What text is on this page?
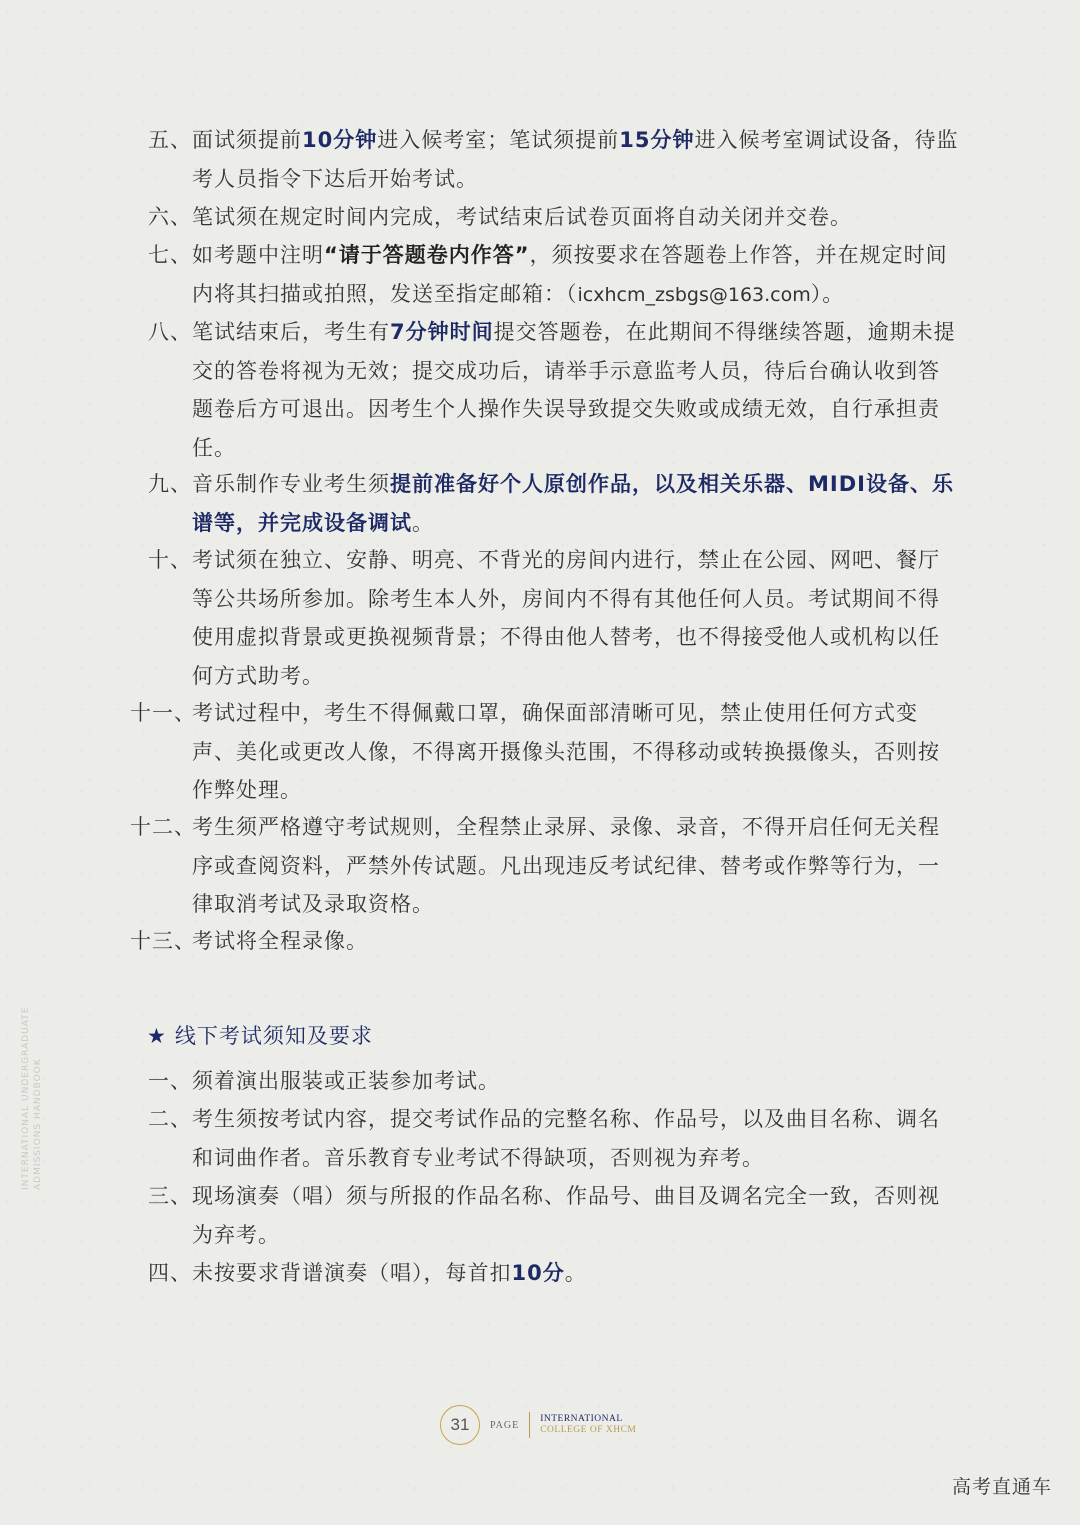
五、 面试须提前10分钟进入候考室；笔试须提前15分钟进入候考室调试设备，待监考人员指令下达后开始考试。
六、 笔试须在规定时间内完成，考试结束后试卷页面将自动关闭并交卷。
七、 如考题中注明“请于答题卷内作答”，须按要求在答题卷上作答，并在规定时间内将其扫描或拍照，发送至指定邮箱：（icxhcm_zsbgs@163.com）。
八、 笔试结束后，考生有7分钟时间提交答题卷，在此期间不得继续答题，逾期未提交的答卷将视为无效；提交成功后，请举手示意监考人员，待后台确认收到答题卷后方可退出。因考生个人操作失误导致提交失败或成绩无效，自行承担责任。
九、 音乐制作专业考生须提前准备好个人原创作品，以及相关乐器、MIDI设备、乐谱等，并完成设备调试。
十、 考试须在独立、安静、明亮、不背光的房间内进行，禁止在公园、网吧、餐厅等公共场所参加。除考生本人外，房间内不得有其他任何人员。考试期间不得使用虚拟背景或更换视频背景；不得由他人替考，也不得接受他人或机构以任何方式助考。
十一、
考试过程中，考生不得佩戴口罩，确保面部清晰可见，禁止使用任何方式变声、美化或更改人像，不得离开摄像头范围，不得移动或转换摄像头，否则按作弊处理。
十二、
考生须严格遵守考试规则，全程禁止录屏、录像、录音，不得开启任何无关程序或查阅资料，严禁外传试题。凡出现违反考试纪律、替考或作弊等行为，一律取消考试及录取资格。
十三、
考试将全程录像。
★ 线下考试须知及要求
一、 须着演出服装或正装参加考试。
二、 考生须按考试内容，提交考试作品的完整名称、作品号，以及曲目名称、调名和词曲作者。音乐教育专业考试不得缺项，否则视为弃考。
三、 现场演奏（唱）须与所报的作品名称、作品号、曲目及调名完全一致，否则视为弃考。
四、 未按要求背谱演奏（唱），每首扣10分。
INTERNATIONAL UNDERGRADUATE ADMISSIONS HANDBOOK
31 PAGE
INTERNATIONAL
COLLEGE OF XHCM
高考直通车
